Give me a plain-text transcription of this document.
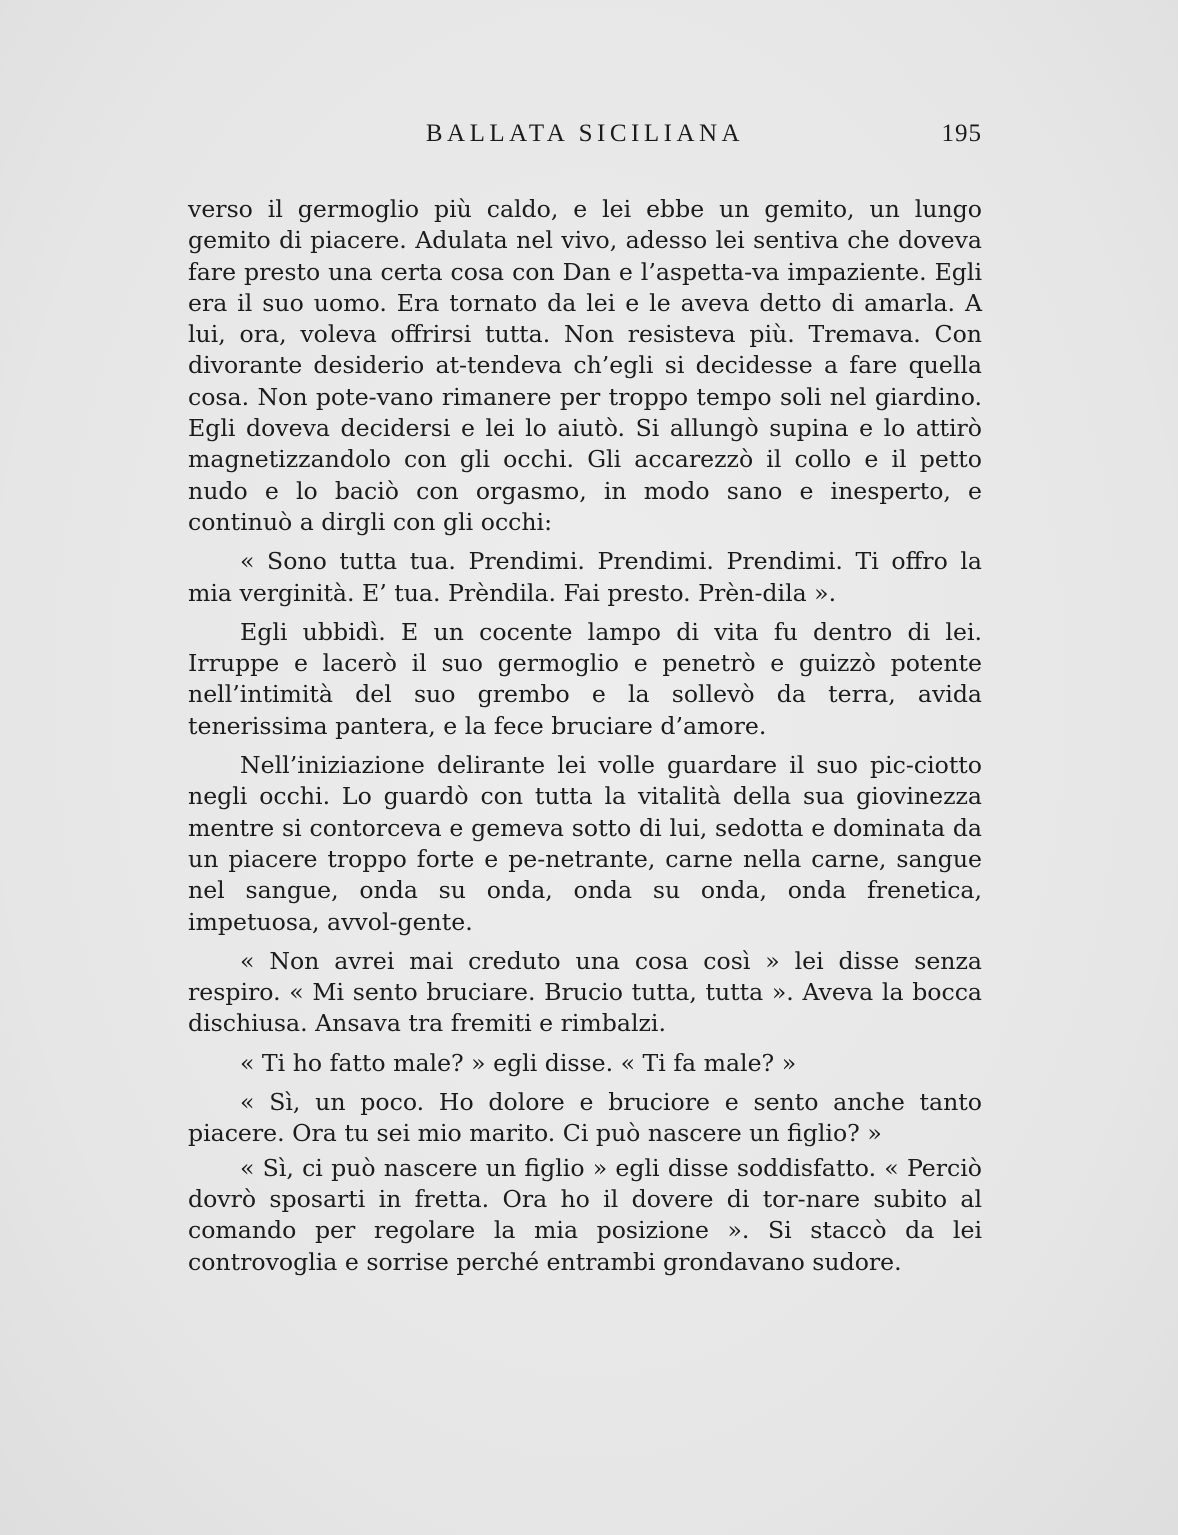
BALLATA SICILIANA	195

verso il germoglio più caldo, e lei ebbe un gemito, un lungo gemito di piacere. Adulata nel vivo, adesso lei sentiva che doveva fare presto una certa cosa con Dan e l’aspetta-va impaziente. Egli era il suo uomo. Era tornato da lei e le aveva detto di amarla. A lui, ora, voleva offrirsi tutta. Non resisteva più. Tremava. Con divorante desiderio at-tendeva ch’egli si decidesse a fare quella cosa. Non pote-vano rimanere per troppo tempo soli nel giardino. Egli doveva decidersi e lei lo aiutò. Si allungò supina e lo attirò magnetizzandolo con gli occhi. Gli accarezzò il collo e il petto nudo e lo baciò con orgasmo, in modo sano e inesperto, e continuò a dirgli con gli occhi:

« Sono tutta tua. Prendimi. Prendimi. Prendimi. Ti offro la mia verginità. E’ tua. Prèndila. Fai presto. Prèn-dila ».

Egli ubbidì. E un cocente lampo di vita fu dentro di lei. Irruppe e lacerò il suo germoglio e penetrò e guizzò potente nell’intimità del suo grembo e la sollevò da terra, avida tenerissima pantera, e la fece bruciare d’amore.

Nell’iniziazione delirante lei volle guardare il suo pic-ciotto negli occhi. Lo guardò con tutta la vitalità della sua giovinezza mentre si contorceva e gemeva sotto di lui, sedotta e dominata da un piacere troppo forte e pe-netrante, carne nella carne, sangue nel sangue, onda su onda, onda su onda, onda frenetica, impetuosa, avvol-gente.

« Non avrei mai creduto una cosa così » lei disse senza respiro. « Mi sento bruciare. Brucio tutta, tutta ». Aveva la bocca dischiusa. Ansava tra fremiti e rimbalzi.

« Ti ho fatto male? » egli disse. « Ti fa male? »

« Sì, un poco. Ho dolore e bruciore e sento anche tanto piacere. Ora tu sei mio marito. Ci può nascere un figlio? »

« Sì, ci può nascere un figlio » egli disse soddisfatto. « Perciò dovrò sposarti in fretta. Ora ho il dovere di tor-nare subito al comando per regolare la mia posizione ». Si staccò da lei controvoglia e sorrise perché entrambi grondavano sudore.
